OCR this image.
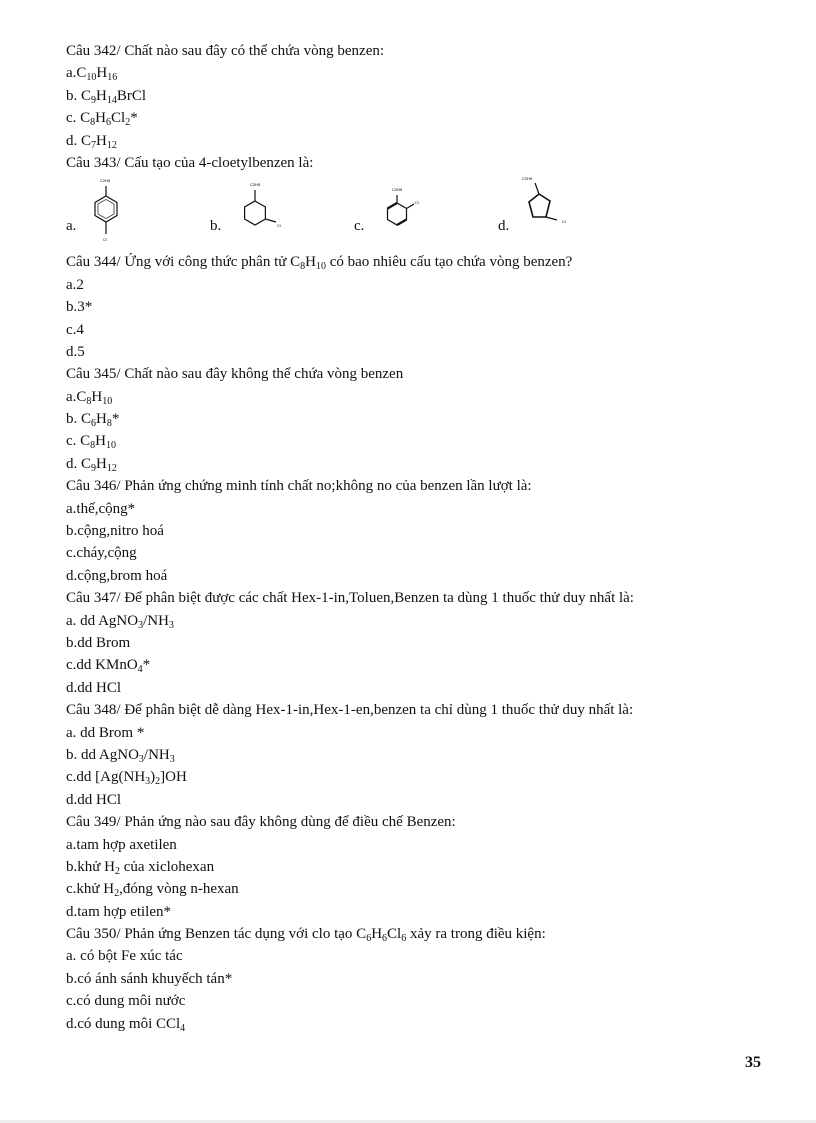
Câu 342/ Chất nào sau đây có thể chứa vòng benzen:
$a.C_{10}H_{16}$
b. $C_9H_{14}BrCl$
c. $C_8H_6Cl_2*$
d. $C_7H_{12}$
Câu 343/ Cấu tạo của 4-cloetylbenzen là:
a.
C2H5
Cl
b.
C2H5
Cl	c.
C2H5
Cl
d.
C2H5
Cl
Câu 344/ Ứng với công thức phân tử $C_8H_{10}$ có bao nhiêu cấu tạo chứa vòng benzen?
a.2
b.3*
c.4
d.5
Câu 345/ Chất nào sau đây không thể chứa vòng benzen
$a.C_8H_{10}$
b. $C_6H_8*$
c. $C_8H_{10}$
d. $C_9H_{12}$
Câu 346/ Phản ứng chứng minh tính chất no;không no của benzen lần lượt là:
a.thế,cộng*
b.cộng,nitro hoá
c.cháy,cộng
d.cộng,brom hoá
Câu 347/ Để phân biệt được các chất Hex-1-in,Toluen,Benzen ta dùng 1 thuốc thử duy nhất là:
a. dd $AgNO_3/NH_3$
b.dd Brom
c.dd KMnO$_4$*
d.dd HCl
Câu 348/ Để phân biệt dễ dàng Hex-1-in,Hex-1-en,benzen ta chỉ dùng 1 thuốc thử duy nhất là:
a. dd Brom *
b. dd $AgNO_3/NH_3$
c.dd $[Ag(NH_3)_2]OH$
d.dd HCl
Câu 349/ Phản ứng nào sau đây không dùng để điều chế Benzen:
a.tam hợp axetilen
b.khử $H_2$ của xiclohexan
c.khử $H_2,đóng$ vòng n-hexan
d.tam hợp etilen*
Câu 350/ Phản ứng Benzen tác dụng với clo tạo $C_6H_6Cl_6$ xảy ra trong điều kiện:
a. có bột Fe xúc tác
b.có ánh sánh khuyếch tán*
c.có dung môi nước
d.có dung môi CCl$_4$
35
